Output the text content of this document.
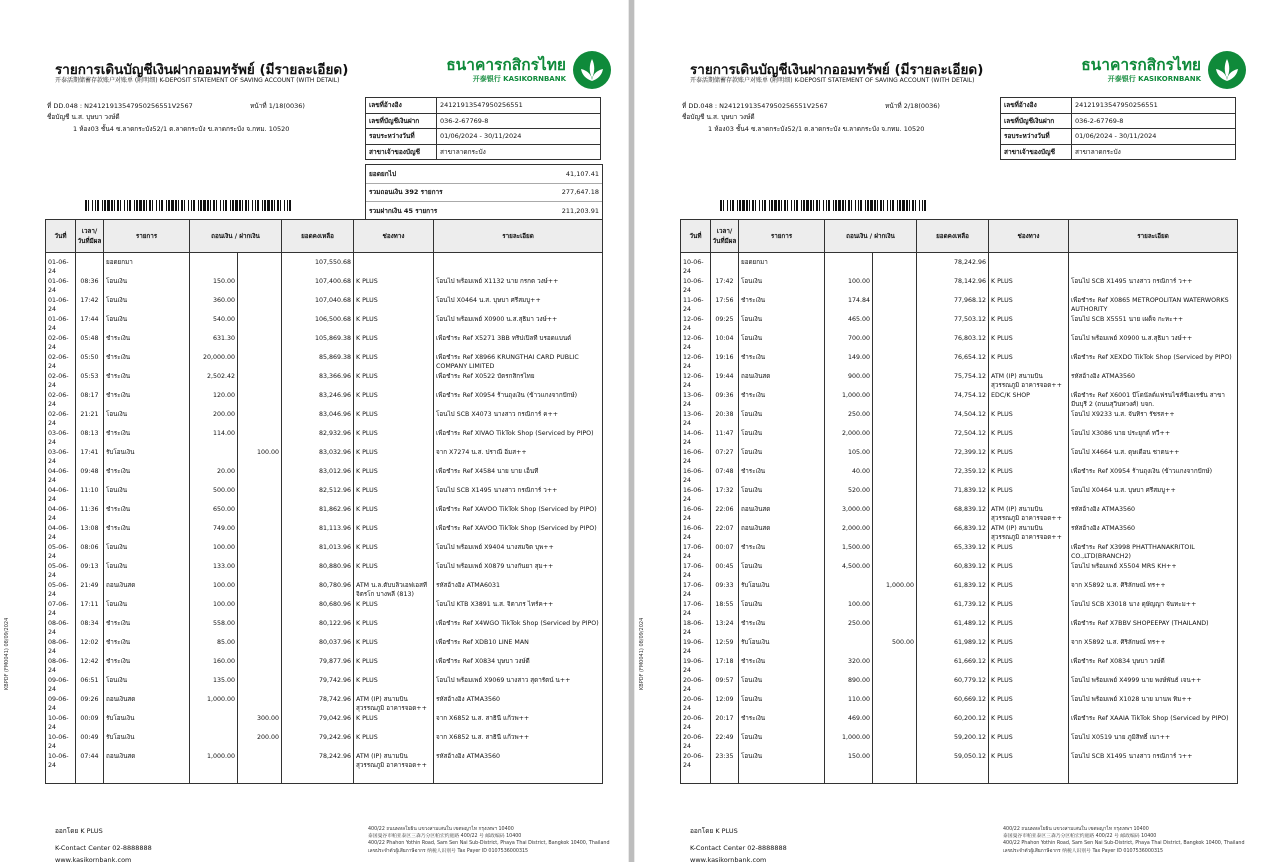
รายการเดินบัญชีเงินฝากออมทรัพย์ (มีรายละเอียด)
开泰活期储蓄存款账户对账单 (附明细) K-DEPOSIT STATEMENT OF SAVING ACCOUNT (WITH DETAIL)
ธนาคารกสิกรไทย
开泰银行 KASIKORNBANK
ที่ DD.048 : N24121913547950256551V2567	หน้าที่ 1/18(0036)
ชื่อบัญชี น.ส. บุษบา วงษ์ดี
1 ห้อง03 ชั้น4 ซ.ลาดกระบัง52/1 ต.ลาดกระบัง ข.ลาดกระบัง จ.กทม. 10520
เลขที่อ้างอิง	24121913547950256551
เลขที่บัญชีเงินฝาก	036-2-67769-8
รอบระหว่างวันที่	01/06/2024 - 30/11/2024
สาขาเจ้าของบัญชี	สาขาลาดกระบัง
ยอดยกไป	41,107.41
รวมถอนเงิน 392 รายการ	277,647.18
รวมฝากเงิน 45 รายการ	211,203.91
วันที่	เวลา/ วันที่มีผล	รายการ	ถอนเงิน / ฝากเงิน		ยอดคงเหลือ	ช่องทาง	รายละเอียด
01-06-24		ยอดยกมา			107,550.68		
01-06-24	08:36	โอนเงิน	150.00		107,400.68	K PLUS	โอนไป พร้อมเพย์ X1132 นาย กรกต วงษ์++
01-06-24	17:42	โอนเงิน	360.00		107,040.68	K PLUS	โอนไป X0464 น.ส. บุษบา ศรีสมบู++
01-06-24	17:44	โอนเงิน	540.00		106,500.68	K PLUS	โอนไป พร้อมเพย์ X0900 น.ส.สุธิมา วงษ์++
02-06-24	05:48	ชำระเงิน	631.30		105,869.38	K PLUS	เพื่อชำระ Ref X5271 3BB ทริปเปิลที บรอดแบนด์
02-06-24	05:50	ชำระเงิน	20,000.00		85,869.38	K PLUS	เพื่อชำระ Ref X8966 KRUNGTHAI CARD PUBLIC COMPANY LIMITED
02-06-24	05:53	ชำระเงิน	2,502.42		83,366.96	K PLUS	เพื่อชำระ Ref X0522 บัตรกสิกรไทย
02-06-24	08:17	ชำระเงิน	120.00		83,246.96	K PLUS	เพื่อชำระ Ref X0954 ร้านถุงเงิน (ข้าวแกงจากปักษ์)
02-06-24	21:21	โอนเงิน	200.00		83,046.96	K PLUS	โอนไป SCB X4073 นางสาว กรณิการ์ ค++
03-06-24	08:13	ชำระเงิน	114.00		82,932.96	K PLUS	เพื่อชำระ Ref XIVAO TikTok Shop (Serviced by PIPO)
03-06-24	17:41	รับโอนเงิน		100.00	83,032.96	K PLUS	จาก X7274 น.ส. ปราณี อิ่มส++
04-06-24	09:48	ชำระเงิน	20.00		83,012.96	K PLUS	เพื่อชำระ Ref X4584 นาย บาย เอ็นที
04-06-24	11:10	โอนเงิน	500.00		82,512.96	K PLUS	โอนไป SCB X1495 นางสาว กรณิการ์ ว++
04-06-24	11:36	ชำระเงิน	650.00		81,862.96	K PLUS	เพื่อชำระ Ref XAVOO TikTok Shop (Serviced by PIPO)
04-06-24	13:08	ชำระเงิน	749.00		81,113.96	K PLUS	เพื่อชำระ Ref XAVOO TikTok Shop (Serviced by PIPO)
05-06-24	08:06	โอนเงิน	100.00		81,013.96	K PLUS	โอนไป พร้อมเพย์ X9404 นางสมจิต บุพ++
05-06-24	09:13	โอนเงิน	133.00		80,880.96	K PLUS	โอนไป พร้อมเพย์ X0879 นางกันยา สุม++
05-06-24	21:49	ถอนเงินสด	100.00		80,780.96	ATM น.ล.ตับบลิวเอฟเอสที จิตรโก บางพลี (813)	รหัสอ้างอิง ATMA6031
07-06-24	17:11	โอนเงิน	100.00		80,680.96	K PLUS	โอนไป KTB X3891 น.ส. จิตาภร ไทร์ค++
08-06-24	08:34	ชำระเงิน	558.00		80,122.96	K PLUS	เพื่อชำระ Ref X4WGO TikTok Shop (Serviced by PIPO)
08-06-24	12:02	ชำระเงิน	85.00		80,037.96	K PLUS	เพื่อชำระ Ref XDB10 LINE MAN
08-06-24	12:42	ชำระเงิน	160.00		79,877.96	K PLUS	เพื่อชำระ Ref X0834 บุษบา วงษ์ดี
09-06-24	06:51	โอนเงิน	135.00		79,742.96	K PLUS	โอนไป พร้อมเพย์ X9069 นางสาว สุดารัตน์ น++
09-06-24	09:26	ถอนเงินสด	1,000.00		78,742.96	ATM (IP) สนามบินสุวรรณภูมิ อาคารจอด++	รหัสอ้างอิง ATMA3560
10-06-24	00:09	รับโอนเงิน		300.00	79,042.96	K PLUS	จาก X6852 น.ส. สาธินี แก้วพ++
10-06-24	00:49	รับโอนเงิน		200.00	79,242.96	K PLUS	จาก X6852 น.ส. สาธินี แก้วพ++
10-06-24	07:44	ถอนเงินสด	1,000.00		78,242.96	ATM (IP) สนามบินสุวรรณภูมิ อาคารจอด++	รหัสอ้างอิง ATMA3560

ออกโดย K PLUS
K-Contact Center 02-8888888
www.kasikornbank.com
400/22 ถนนพหลโยธิน แขวงสามเสนใน เขตพญาไท กรุงเทพฯ 10400
泰国曼谷市帕亚泰区三森乃分区帕宏约庭路 400/22 号 邮政编码 10400
400/22 Phahon Yothin Road, Sam Sen Nai Sub-District, Phaya Thai District, Bangkok 10400, Thailand
เลขประจำตัวผู้เสียภาษีอากร 纳税人识别号 Tax Payer ID 0107536000315
KBPDF (FM0041) 08/09/2024
รายการเดินบัญชีเงินฝากออมทรัพย์ (มีรายละเอียด)
开泰活期储蓄存款账户对账单 (附明细) K-DEPOSIT STATEMENT OF SAVING ACCOUNT (WITH DETAIL)
ธนาคารกสิกรไทย
开泰银行 KASIKORNBANK
ที่ DD.048 : N24121913547950256551V2567	หน้าที่ 2/18(0036)
ชื่อบัญชี น.ส. บุษบา วงษ์ดี
1 ห้อง03 ชั้น4 ซ.ลาดกระบัง52/1 ต.ลาดกระบัง ข.ลาดกระบัง จ.กทม. 10520
เลขที่อ้างอิง	24121913547950256551
เลขที่บัญชีเงินฝาก	036-2-67769-8
รอบระหว่างวันที่	01/06/2024 - 30/11/2024
สาขาเจ้าของบัญชี	สาขาลาดกระบัง
วันที่	เวลา/ วันที่มีผล	รายการ	ถอนเงิน / ฝากเงิน		ยอดคงเหลือ	ช่องทาง	รายละเอียด
10-06-24		ยอดยกมา			78,242.96		
10-06-24	17:42	โอนเงิน	100.00		78,142.96	K PLUS	โอนไป SCB X1495 นางสาว กรณิการ์ ว++
11-06-24	17:56	ชำระเงิน	174.84		77,968.12	K PLUS	เพื่อชำระ Ref X0865 METROPOLITAN WATERWORKS AUTHORITY
12-06-24	09:25	โอนเงิน	465.00		77,503.12	K PLUS	โอนไป SCB X5551 นาย เผด็จ กะหะ++
12-06-24	10:04	โอนเงิน	700.00		76,803.12	K PLUS	โอนไป พร้อมเพย์ X0900 น.ส.สุธิมา วงษ์++
12-06-24	19:16	ชำระเงิน	149.00		76,654.12	K PLUS	เพื่อชำระ Ref XEXDO TikTok Shop (Serviced by PIPO)
12-06-24	19:44	ถอนเงินสด	900.00		75,754.12	ATM (IP) สนามบินสุวรรณภูมิ อาคารจอด++	รหัสอ้างอิง ATMA3560
13-06-24	09:36	ชำระเงิน	1,000.00		74,754.12	EDC/K SHOP	เพื่อชำระ Ref X6001 บีโดนัลด์แฟรนไชส์ซีเอเรชั่น สาขามีนบุรี 2 (ถนนสุวินทวงศ์) บจก.
13-06-24	20:38	โอนเงิน	250.00		74,504.12	K PLUS	โอนไป X9233 น.ส. จันทิรา รัชรส++
14-06-24	11:47	โอนเงิน	2,000.00		72,504.12	K PLUS	โอนไป X3086 นาย ประยุกต์ ทวี++
16-06-24	07:27	โอนเงิน	105.00		72,399.12	K PLUS	โอนไป X4664 น.ส. ดุษเดือน ชาตน++
16-06-24	07:48	ชำระเงิน	40.00		72,359.12	K PLUS	เพื่อชำระ Ref X0954 ร้านถุงเงิน (ข้าวแกงจากปักษ์)
16-06-24	17:32	โอนเงิน	520.00		71,839.12	K PLUS	โอนไป X0464 น.ส. บุษบา ศรีสมบู++
16-06-24	22:06	ถอนเงินสด	3,000.00		68,839.12	ATM (IP) สนามบินสุวรรณภูมิ อาคารจอด++	รหัสอ้างอิง ATMA3560
16-06-24	22:07	ถอนเงินสด	2,000.00		66,839.12	ATM (IP) สนามบินสุวรรณภูมิ อาคารจอด++	รหัสอ้างอิง ATMA3560
17-06-24	00:07	ชำระเงิน	1,500.00		65,339.12	K PLUS	เพื่อชำระ Ref X3998 PHATTHANAKRITOIL CO.,LTD(BRANCH2)
17-06-24	00:45	โอนเงิน	4,500.00		60,839.12	K PLUS	โอนไป พร้อมเพย์ X5504 MRS KH++
17-06-24	09:33	รับโอนเงิน		1,000.00	61,839.12	K PLUS	จาก X5892 น.ส. ศิริลักษณ์ ทร++
17-06-24	18:55	โอนเงิน	100.00		61,739.12	K PLUS	โอนไป SCB X3018 นาง ดุษัญญา จันทะม++
18-06-24	13:24	ชำระเงิน	250.00		61,489.12	K PLUS	เพื่อชำระ Ref X7BBV SHOPEEPAY (THAILAND)
19-06-24	12:59	รับโอนเงิน		500.00	61,989.12	K PLUS	จาก X5892 น.ส. ศิริลักษณ์ ทร++
19-06-24	17:18	ชำระเงิน	320.00		61,669.12	K PLUS	เพื่อชำระ Ref X0834 บุษบา วงษ์ดี
20-06-24	09:57	โอนเงิน	890.00		60,779.12	K PLUS	โอนไป พร้อมเพย์ X4999 นาย พงษ์พันธ์ เจน++
20-06-24	12:09	โอนเงิน	110.00		60,669.12	K PLUS	โอนไป พร้อมเพย์ X1028 นาย มานพ ทิม++
20-06-24	20:17	ชำระเงิน	469.00		60,200.12	K PLUS	เพื่อชำระ Ref XAAIA TikTok Shop (Serviced by PIPO)
20-06-24	22:49	โอนเงิน	1,000.00		59,200.12	K PLUS	โอนไป X0519 นาย ภูมิสิทธิ์ เนา++
20-06-24	23:35	โอนเงิน	150.00		59,050.12	K PLUS	โอนไป SCB X1495 นางสาว กรณิการ์ ว++

ออกโดย K PLUS
K-Contact Center 02-8888888
www.kasikornbank.com
400/22 ถนนพหลโยธิน แขวงสามเสนใน เขตพญาไท กรุงเทพฯ 10400
泰国曼谷市帕亚泰区三森乃分区帕宏约庭路 400/22 号 邮政编码 10400
400/22 Phahon Yothin Road, Sam Sen Nai Sub-District, Phaya Thai District, Bangkok 10400, Thailand
เลขประจำตัวผู้เสียภาษีอากร 纳税人识别号 Tax Payer ID 0107536000315
KBPDF (FM0041) 08/09/2024
